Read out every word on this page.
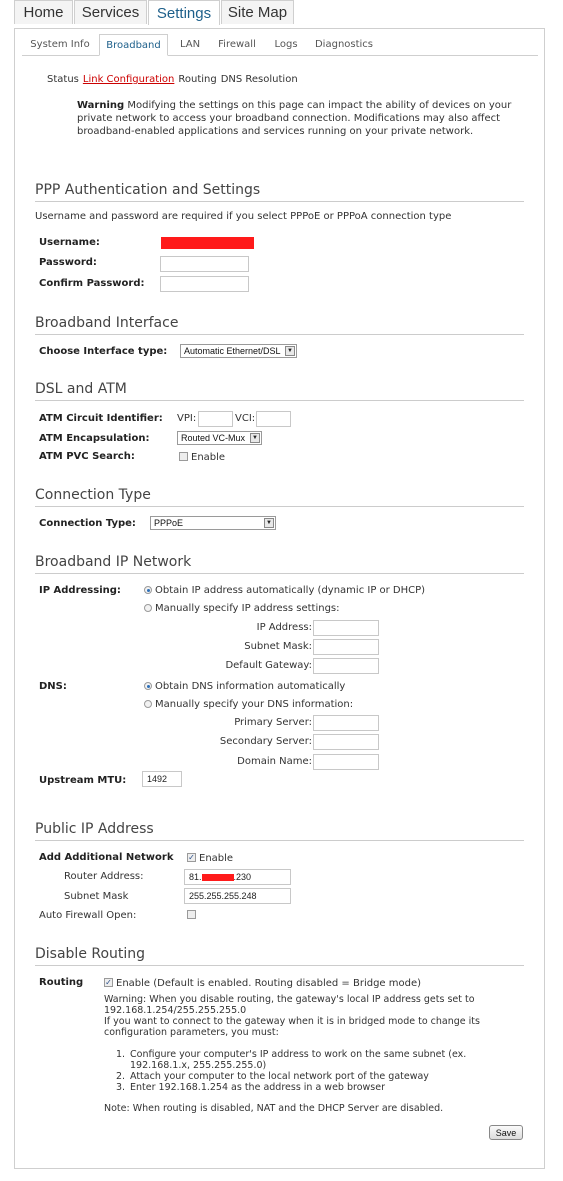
Home	Services	Settings	Site Map
System Info	Broadband	LAN	Firewall	Logs	Diagnostics
Status Link Configuration Routing DNS Resolution
Warning Modifying the settings on this page can impact the ability of devices on your private network to access your broadband connection. Modifications may also affect broadband-enabled applications and services running on your private network.
PPP Authentication and Settings
Username and password are required if you select PPPoE or PPPoA connection type
Username:
Password:
Confirm Password:
Broadband Interface
Choose Interface type:	Automatic Ethernet/DSL	▼
DSL and ATM
ATM Circuit Identifier: VPI:	VCI:
ATM Encapsulation:	Routed VC-Mux	▼
ATM PVC Search:	Enable
Connection Type
Connection Type:	PPPoE	▼
Broadband IP Network
IP Addressing:	Obtain IP address automatically (dynamic IP or DHCP)
Manually specify IP address settings:
IP Address:
Subnet Mask:
Default Gateway:
DNS:	Obtain DNS information automatically
Manually specify your DNS information:
Primary Server:
Secondary Server:
Domain Name:
Upstream MTU:	1492
Public IP Address
Add Additional Network ✓ Enable
Router Address:	81.	.230
Subnet Mask	255.255.255.248
Auto Firewall Open:
Disable Routing
Routing	✓ Enable (Default is enabled. Routing disabled = Bridge mode)
Warning: When you disable routing, the gateway's local IP address gets set to
192.168.1.254/255.255.255.0
If you want to connect to the gateway when it is in bridged mode to change its configuration parameters, you must:
1. Configure your computer's IP address to work on the same subnet (ex. 192.168.1.x, 255.255.255.0)
2. Attach your computer to the local network port of the gateway
3. Enter 192.168.1.254 as the address in a web browser
Note: When routing is disabled, NAT and the DHCP Server are disabled.
Save
